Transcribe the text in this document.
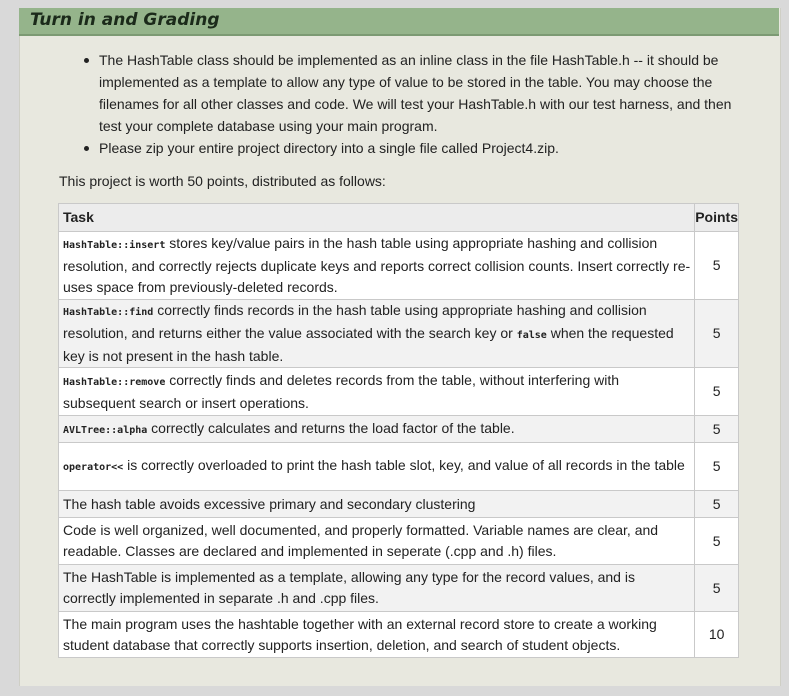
Turn in and Grading
The HashTable class should be implemented as an inline class in the file HashTable.h -- it should be implemented as a template to allow any type of value to be stored in the table. You may choose the filenames for all other classes and code. We will test your HashTable.h with our test harness, and then test your complete database using your main program.
Please zip your entire project directory into a single file called Project4.zip.
This project is worth 50 points, distributed as follows:
Task	Points
HashTable::insert stores key/value pairs in the hash table using appropriate hashing and collision resolution, and correctly rejects duplicate keys and reports correct collision counts. Insert correctly re-uses space from previously-deleted records.	5
HashTable::find correctly finds records in the hash table using appropriate hashing and collision resolution, and returns either the value associated with the search key or false when the requested key is not present in the hash table.	5
HashTable::remove correctly finds and deletes records from the table, without interfering with subsequent search or insert operations.	5
AVLTree::alpha correctly calculates and returns the load factor of the table.	5
operator<< is correctly overloaded to print the hash table slot, key, and value of all records in the table	5
The hash table avoids excessive primary and secondary clustering	5
Code is well organized, well documented, and properly formatted. Variable names are clear, and readable. Classes are declared and implemented in seperate (.cpp and .h) files.	5
The HashTable is implemented as a template, allowing any type for the record values, and is correctly implemented in separate .h and .cpp files.	5
The main program uses the hashtable together with an external record store to create a working student database that correctly supports insertion, deletion, and search of student objects.	10
